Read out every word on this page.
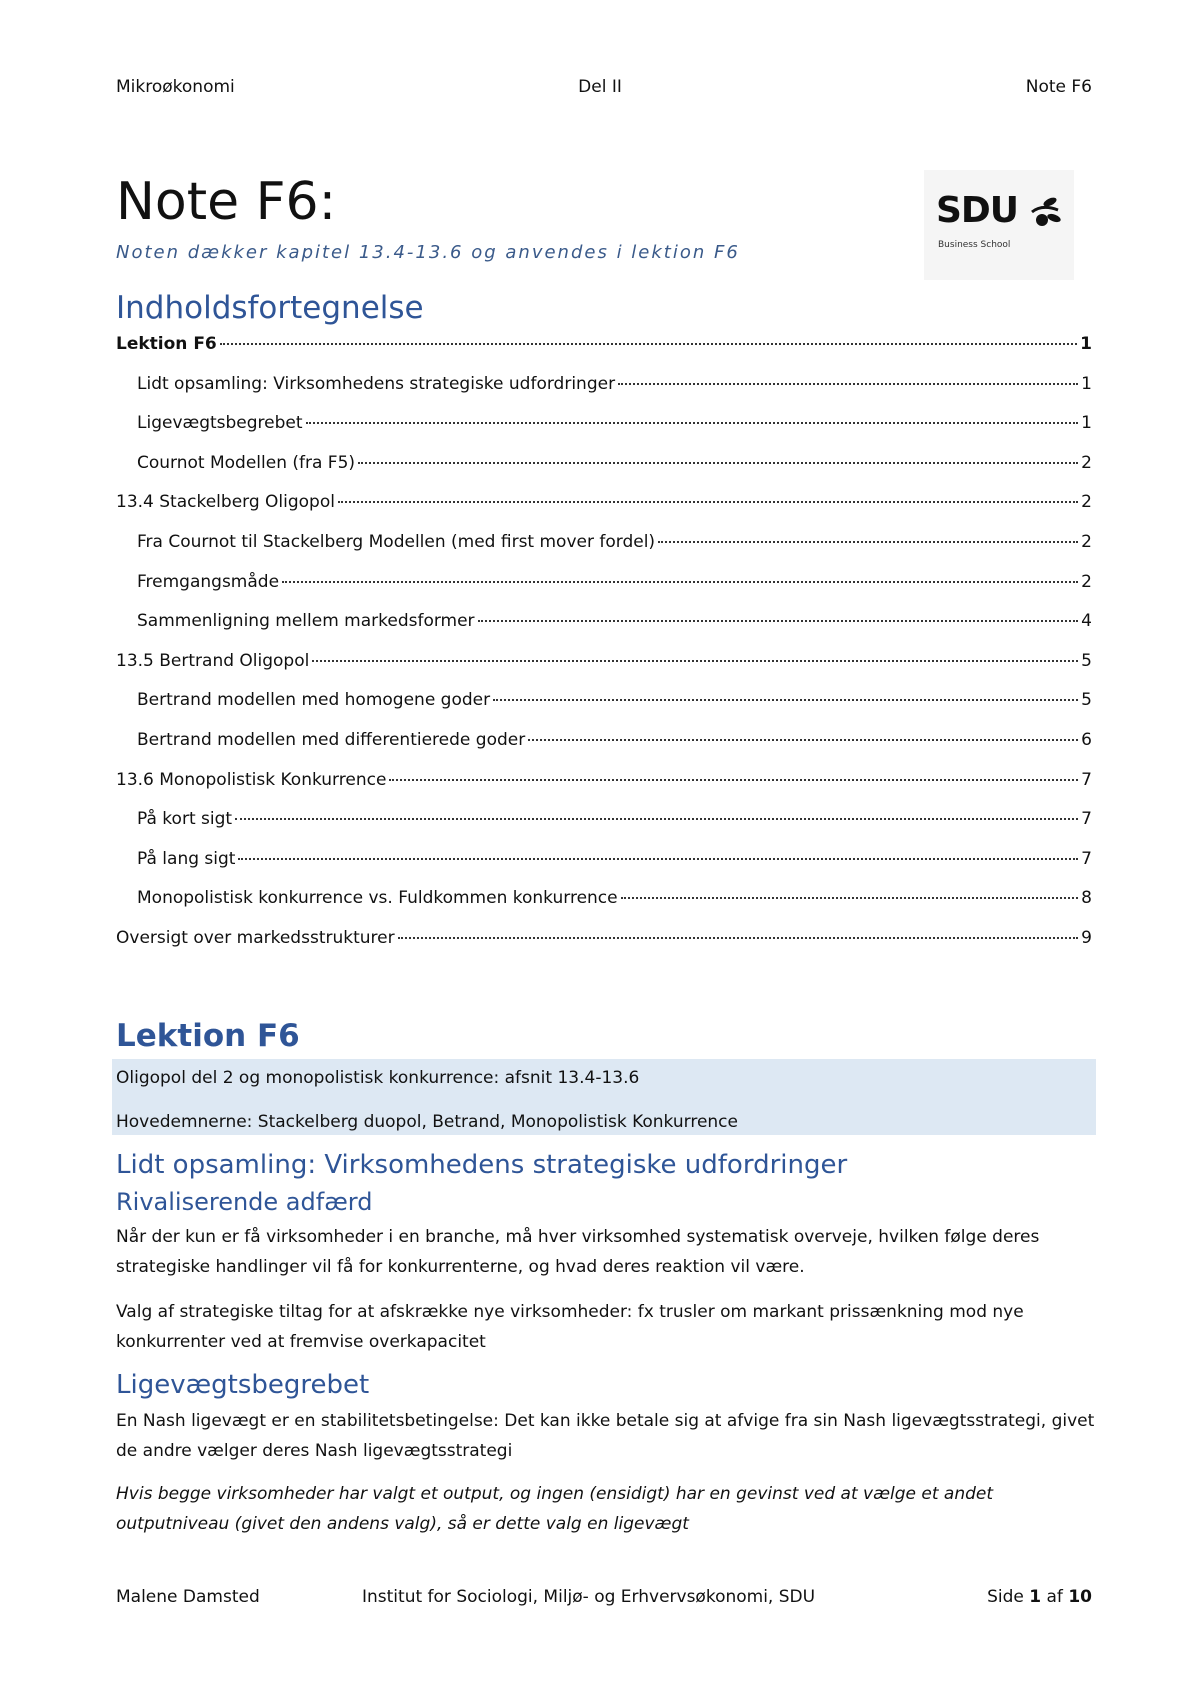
Mikroøkonomi	Del II	Note F6
Note F6:
Noten dækker kapitel 13.4-13.6 og anvendes i lektion F6
SDU
Business School
Indholdsfortegnelse
Lektion F6	1
Lidt opsamling: Virksomhedens strategiske udfordringer	1
Ligevægtsbegrebet	1
Cournot Modellen (fra F5)	2
13.4 Stackelberg Oligopol	2
Fra Cournot til Stackelberg Modellen (med first mover fordel)	2
Fremgangsmåde	2
Sammenligning mellem markedsformer	4
13.5 Bertrand Oligopol	5
Bertrand modellen med homogene goder	5
Bertrand modellen med differentierede goder	6
13.6 Monopolistisk Konkurrence	7
På kort sigt	7
På lang sigt	7
Monopolistisk konkurrence vs. Fuldkommen konkurrence	8
Oversigt over markedsstrukturer	9
Lektion F6
Oligopol del 2 og monopolistisk konkurrence: afsnit 13.4-13.6
Hovedemnerne: Stackelberg duopol, Betrand, Monopolistisk Konkurrence
Lidt opsamling: Virksomhedens strategiske udfordringer
Rivaliserende adfærd

Når der kun er få virksomheder i en branche, må hver virksomhed systematisk overveje, hvilken følge deres strategiske handlinger vil få for konkurrenterne, og hvad deres reaktion vil være.

Valg af strategiske tiltag for at afskrække nye virksomheder: fx trusler om markant prissænkning mod nye konkurrenter ved at fremvise overkapacitet

Ligevægtsbegrebet

En Nash ligevægt er en stabilitetsbetingelse: Det kan ikke betale sig at afvige fra sin Nash ligevægtsstrategi, givet de andre vælger deres Nash ligevægtsstrategi

Hvis begge virksomheder har valgt et output, og ingen (ensidigt) har en gevinst ved at vælge et andet outputniveau (givet den andens valg), så er dette valg en ligevægt

Malene Damsted	Institut for Sociologi, Miljø- og Erhvervsøkonomi, SDU	Side 1 af 10
